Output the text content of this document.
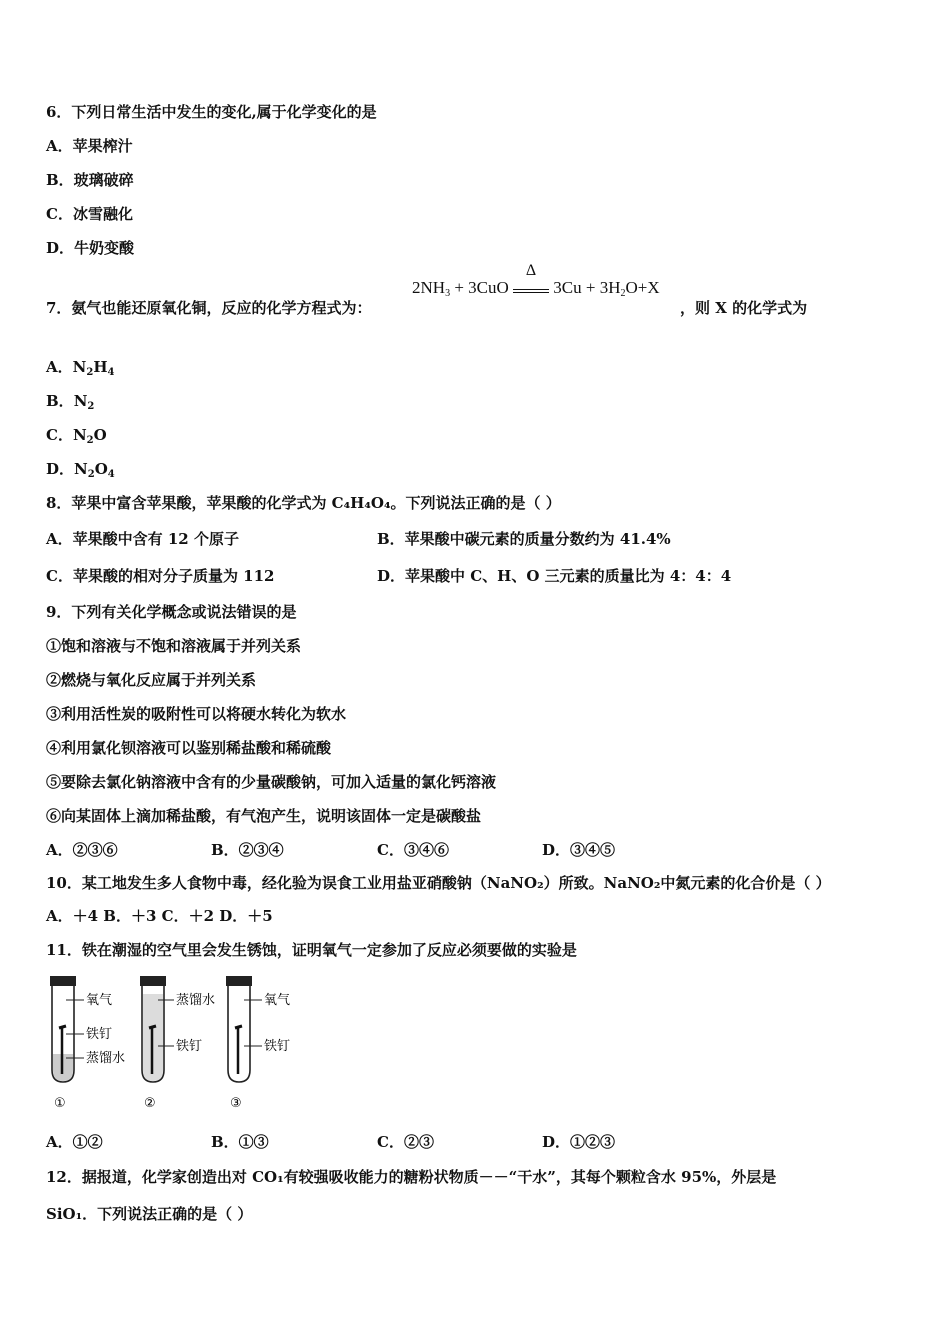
6．下列日常生活中发生的变化,属于化学变化的是
A．苹果榨汁
B．玻璃破碎
C．冰雪融化
D．牛奶变酸
7．氨气也能还原氧化铜，反应的化学方程式为：
$2NH_3 + 3CuO$
Δ
$3Cu + 3H_2O+X$
，则 X 的化学式为
A．$N_2H_4$
B．$N_2$
C．$N_2O$
D．$N_2O_4$
8．苹果中富含苹果酸，苹果酸的化学式为 C₄H₄O₄。下列说法正确的是（ ）
A．苹果酸中含有 12 个原子	B．苹果酸中碳元素的质量分数约为 41.4%
C．苹果酸的相对分子质量为 112	D．苹果酸中 C、H、O 三元素的质量比为 4：4：4
9．下列有关化学概念或说法错误的是
①饱和溶液与不饱和溶液属于并列关系
②燃烧与氧化反应属于并列关系
③利用活性炭的吸附性可以将硬水转化为软水
④利用氯化钡溶液可以鉴别稀盐酸和稀硫酸
⑤要除去氯化钠溶液中含有的少量碳酸钠，可加入适量的氯化钙溶液
⑥向某固体上滴加稀盐酸，有气泡产生，说明该固体一定是碳酸盐
A．②③⑥	B．②③④	C．③④⑥	D．③④⑤
10．某工地发生多人食物中毒，经化验为误食工业用盐亚硝酸钠（NaNO₂）所致。NaNO₂中氮元素的化合价是（ ）
A．＋4 B．＋3 C．＋2 D．＋5
11．铁在潮湿的空气里会发生锈蚀，证明氧气一定参加了反应必须要做的实验是
氧气
铁钉
蒸馏水
①
蒸馏水
铁钉
②
氧气
铁钉
③
A．①②	B．①③	C．②③	D．①②③
12．据报道，化学家创造出对 CO₁有较强吸收能力的糖粉状物质－－“干水”，其每个颗粒含水 95%，外层是
SiO₁．下列说法正确的是（ ）
